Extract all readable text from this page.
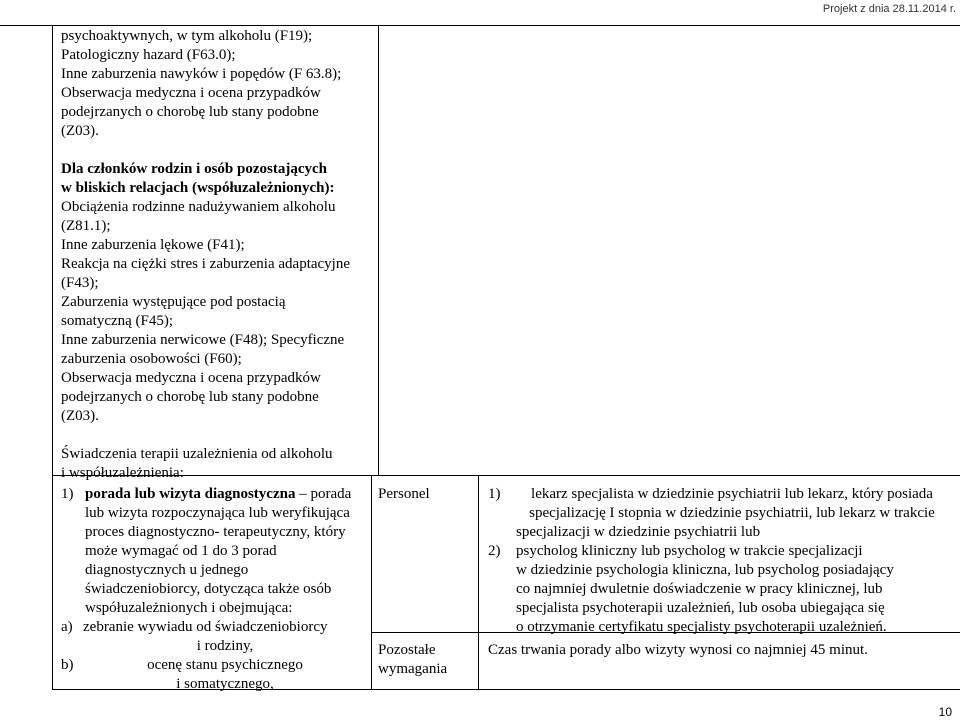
Projekt z dnia 28.11.2014 r.
10
psychoaktywnych, w tym alkoholu (F19);
Patologiczny hazard (F63.0);
Inne zaburzenia nawyków i popędów (F 63.8);
Obserwacja medyczna i ocena przypadków
podejrzanych o chorobę lub stany podobne
(Z03).
Dla członków rodzin i osób pozostających
w bliskich relacjach (współuzależnionych):
Obciążenia rodzinne nadużywaniem alkoholu
(Z81.1);
Inne zaburzenia lękowe (F41);
Reakcja na ciężki stres i zaburzenia adaptacyjne
(F43);
Zaburzenia występujące pod postacią
somatyczną (F45);
Inne zaburzenia nerwicowe (F48); Specyficzne
zaburzenia osobowości (F60);
Obserwacja medyczna i ocena przypadków
podejrzanych o chorobę lub stany podobne
(Z03).
Świadczenia terapii uzależnienia od alkoholu
i współuzależnienia:
1) porada lub wizyta diagnostyczna – porada
lub wizyta rozpoczynająca lub weryfikująca
proces diagnostyczno- terapeutyczny, który
może wymagać od 1 do 3 porad
diagnostycznych u jednego
świadczeniobiorcy, dotycząca także osób
współuzależnionych i obejmująca:
a) zebranie wywiadu od świadczeniobiorcy
i rodziny,
b)	ocenę stanu psychicznego
i somatycznego,
Personel
Pozostałe
wymagania
1)	lekarz specjalista w dziedzinie psychiatrii lub lekarz, który posiada
specjalizację I stopnia w dziedzinie psychiatrii, lub lekarz w trakcie
specjalizacji w dziedzinie psychiatrii lub
2) psycholog kliniczny lub psycholog w trakcie specjalizacji
w dziedzinie psychologia kliniczna, lub psycholog posiadający
co najmniej dwuletnie doświadczenie w pracy klinicznej, lub
specjalista psychoterapii uzależnień, lub osoba ubiegająca się
o otrzymanie certyfikatu specjalisty psychoterapii uzależnień.
Czas trwania porady albo wizyty wynosi co najmniej 45 minut.
